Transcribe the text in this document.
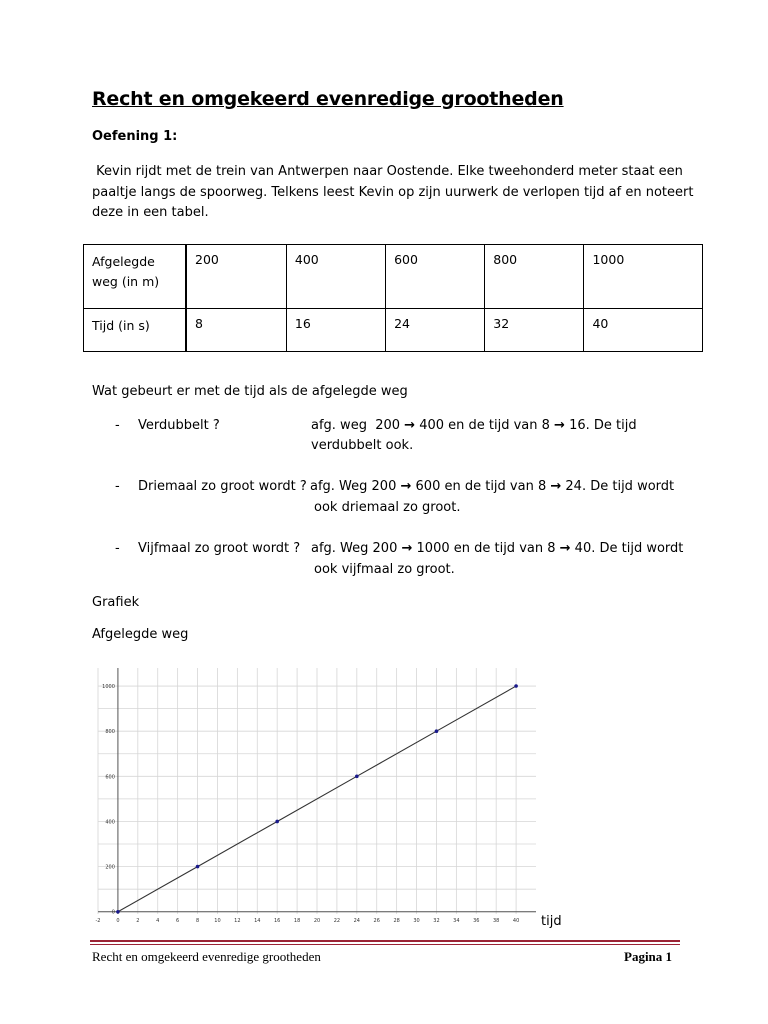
Recht en omgekeerd evenredige grootheden
Oefening 1:
Kevin rijdt met de trein van Antwerpen naar Oostende. Elke tweehonderd meter staat een
paaltje langs de spoorweg. Telkens leest Kevin op zijn uurwerk de verlopen tijd af en noteert
deze in een tabel.
Afgelegde weg (in m)	200	400	600	800	1000
Tijd (in s)	8	16	24	32	40
Wat gebeurt er met de tijd als de afgelegde weg
- Verdubbelt ?	afg. weg  200 → 400 en de tijd van 8 → 16. De tijd
verdubbelt ook.
- Driemaal zo groot wordt ? afg. Weg 200 → 600 en de tijd van 8 → 24. De tijd wordt
ook driemaal zo groot.
- Vijfmaal zo groot wordt ? afg. Weg 200 → 1000 en de tijd van 8 → 40. De tijd wordt
ook vijfmaal zo groot.
Grafiek
Afgelegde weg
-2	0	2	4	6	8	10	12	14	16	18	20	22	24	26	28	30	32	34	36	38	40
0
200
400
600
800
1000
tijd
Recht en omgekeerd evenredige grootheden	Pagina 1
